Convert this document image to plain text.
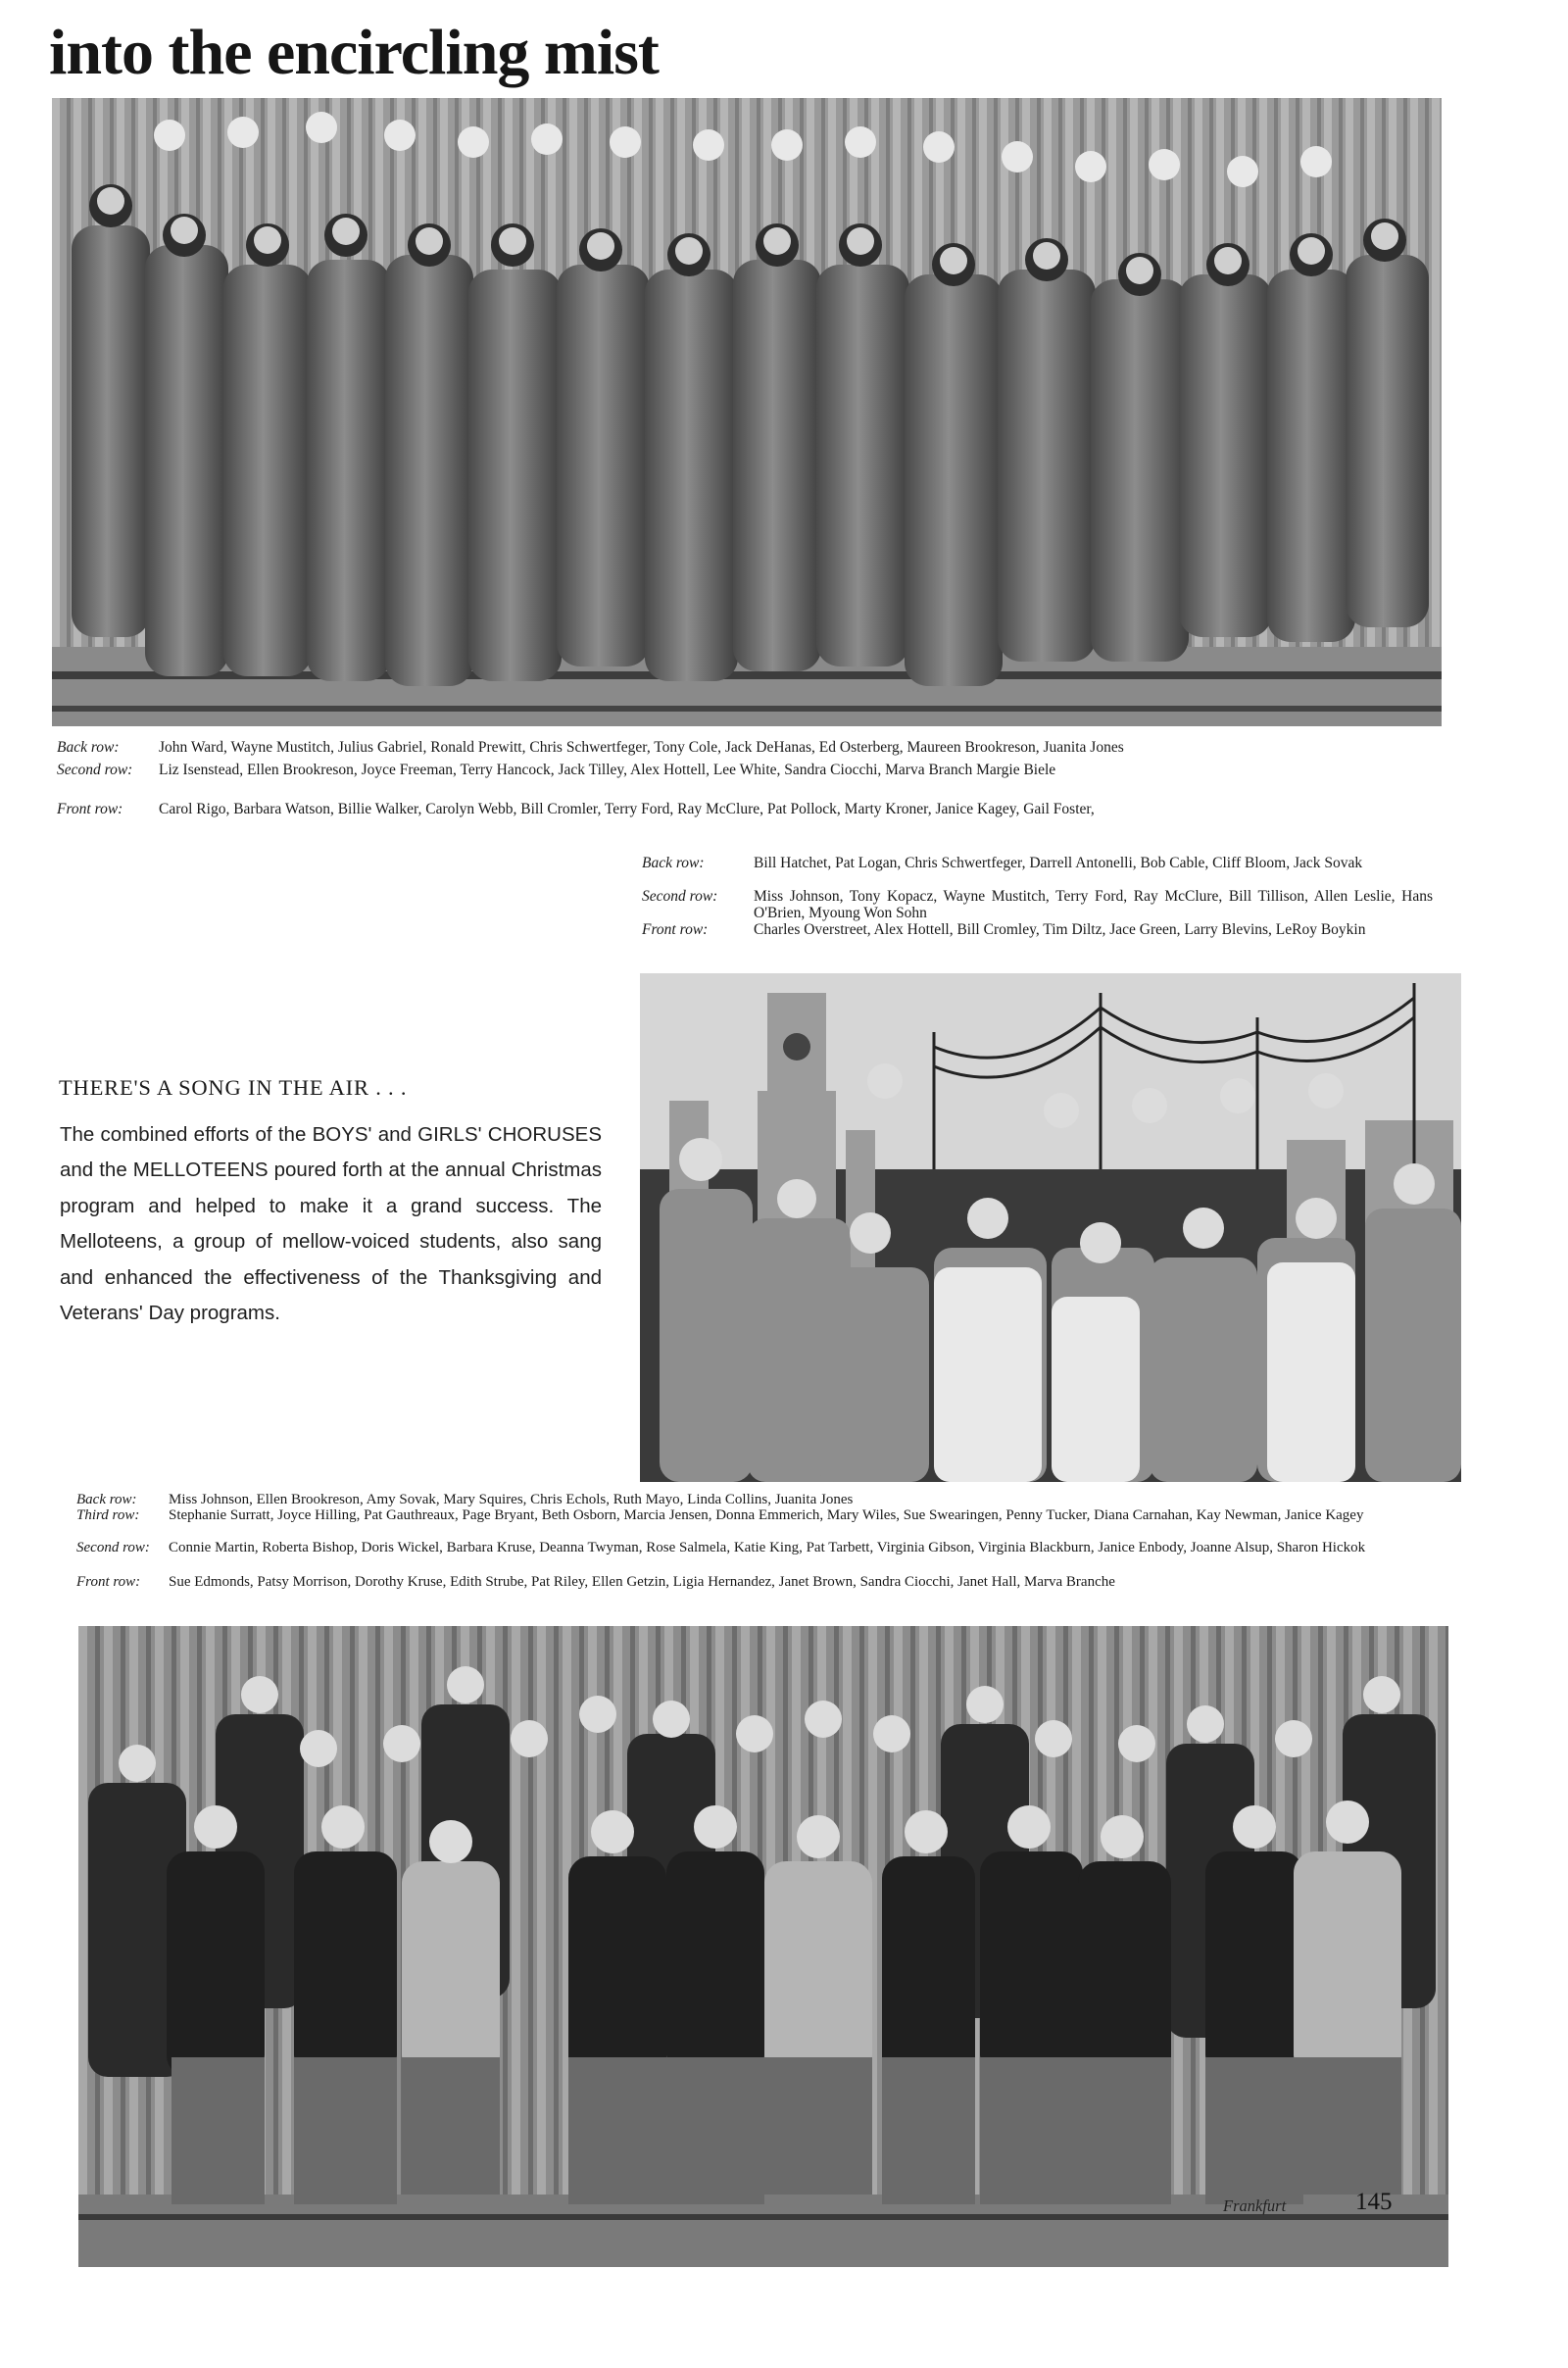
into the encircling mist
Back row:	John Ward, Wayne Mustitch, Julius Gabriel, Ronald Prewitt, Chris Schwertfeger, Tony Cole, Jack DeHanas, Ed Osterberg, Maureen Brookreson, Juanita Jones
Second row: Liz Isenstead, Ellen Brookreson, Joyce Freeman, Terry Hancock, Jack Tilley, Alex Hottell, Lee White, Sandra Ciocchi, Marva Branch Margie Biele
Front row: Carol Rigo, Barbara Watson, Billie Walker, Carolyn Webb, Bill Cromler, Terry Ford, Ray McClure, Pat Pollock, Marty Kroner, Janice Kagey, Gail Foster,
Back row:	Bill Hatchet, Pat Logan, Chris Schwertfeger, Darrell Antonelli, Bob Cable, Cliff Bloom, Jack Sovak
Second row: Miss Johnson, Tony Kopacz, Wayne Mustitch, Terry Ford, Ray McClure, Bill Tillison, Allen Leslie, Hans O'Brien, Myoung Won Sohn
Front row:	Charles Overstreet, Alex Hottell, Bill Cromley, Tim Diltz, Jace Green, Larry Blevins, LeRoy Boykin
THERE'S A SONG IN THE AIR . . .
The combined efforts of the BOYS' and GIRLS' CHORUSES and the MELLOTEENS poured forth at the annual Christmas program and helped to make it a grand success. The Melloteens, a group of mellow-voiced students, also sang and enhanced the effectiveness of the Thanksgiving and Veterans' Day programs.
Back row: Miss Johnson, Ellen Brookreson, Amy Sovak, Mary Squires, Chris Echols, Ruth Mayo, Linda Collins, Juanita Jones
Third row: Stephanie Surratt, Joyce Hilling, Pat Gauthreaux, Page Bryant, Beth Osborn, Marcia Jensen, Donna Emmerich, Mary Wiles, Sue Swearingen, Penny Tucker, Diana Carnahan, Kay Newman, Janice Kagey
Second row: Connie Martin, Roberta Bishop, Doris Wickel, Barbara Kruse, Deanna Twyman, Rose Salmela, Katie King, Pat Tarbett, Virginia Gibson, Virginia Blackburn, Janice Enbody, Joanne Alsup, Sharon Hickok
Front row: Sue Edmonds, Patsy Morrison, Dorothy Kruse, Edith Strube, Pat Riley, Ellen Getzin, Ligia Hernandez, Janet Brown, Sandra Ciocchi, Janet Hall, Marva Branche
Frankfurt	145
